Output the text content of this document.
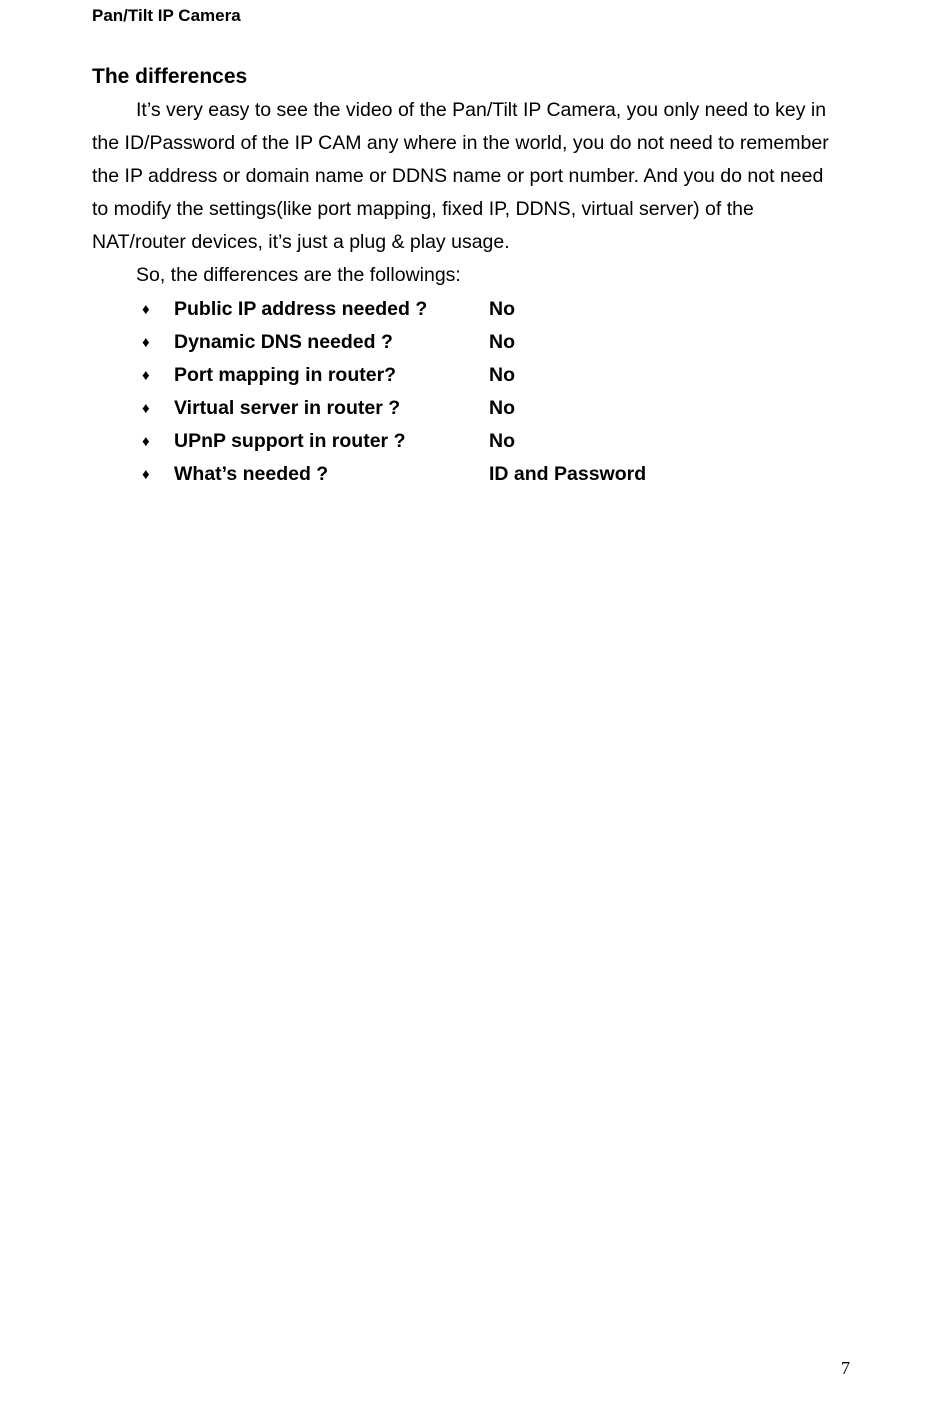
Pan/Tilt IP Camera
The differences
It’s very easy to see the video of the Pan/Tilt IP Camera, you only need to key in
the ID/Password of the IP CAM any where in the world, you do not need to remember
the IP address or domain name or DDNS name or port number. And you do not need
to modify the settings(like port mapping, fixed IP, DDNS, virtual server) of the
NAT/router devices, it’s just a plug & play usage.
So, the differences are the followings:
♦ Public IP address needed ?	No
♦ Dynamic DNS needed ?	No
♦ Port mapping in router?	No
♦ Virtual server in router ?	No
♦ UPnP support in router ?	No
♦ What’s needed ?	ID and Password
7
